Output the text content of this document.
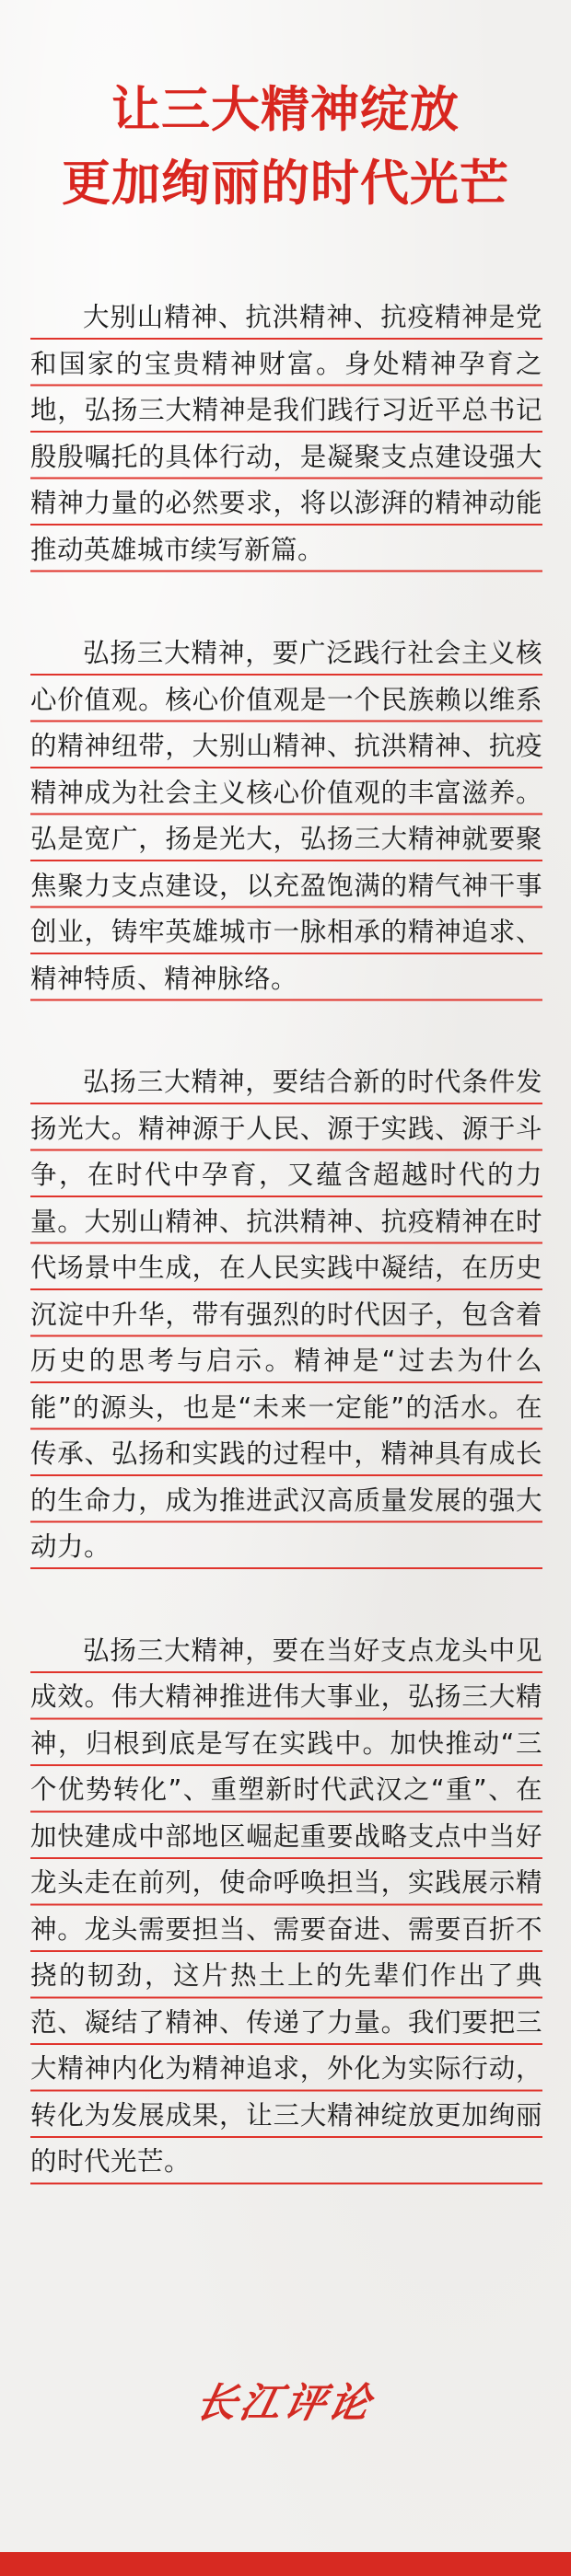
让三大精神绽放
更加绚丽的时代光芒

大别山精神、抗洪精神、抗疫精神是党和国家的宝贵精神财富。身处精神孕育之地，弘扬三大精神是我们践行习近平总书记殷殷嘱托的具体行动，是凝聚支点建设强大精神力量的必然要求，将以澎湃的精神动能推动英雄城市续写新篇。

弘扬三大精神，要广泛践行社会主义核心价值观。核心价值观是一个民族赖以维系的精神纽带，大别山精神、抗洪精神、抗疫精神成为社会主义核心价值观的丰富滋养。弘是宽广，扬是光大，弘扬三大精神就要聚焦聚力支点建设，以充盈饱满的精气神干事创业，铸牢英雄城市一脉相承的精神追求、精神特质、精神脉络。

弘扬三大精神，要结合新的时代条件发扬光大。精神源于人民、源于实践、源于斗争，在时代中孕育，又蕴含超越时代的力量。大别山精神、抗洪精神、抗疫精神在时代场景中生成，在人民实践中凝结，在历史沉淀中升华，带有强烈的时代因子，包含着历史的思考与启示。精神是“过去为什么能”的源头，也是“未来一定能”的活水。在传承、弘扬和实践的过程中，精神具有成长的生命力，成为推进武汉高质量发展的强大动力。

弘扬三大精神，要在当好支点龙头中见成效。伟大精神推进伟大事业，弘扬三大精神，归根到底是写在实践中。加快推动“三个优势转化”、重塑新时代武汉之“重”、在加快建成中部地区崛起重要战略支点中当好龙头走在前列，使命呼唤担当，实践展示精神。龙头需要担当、需要奋进、需要百折不挠的韧劲，这片热土上的先辈们作出了典范、凝结了精神、传递了力量。我们要把三大精神内化为精神追求，外化为实际行动，转化为发展成果，让三大精神绽放更加绚丽的时代光芒。

长江评论
